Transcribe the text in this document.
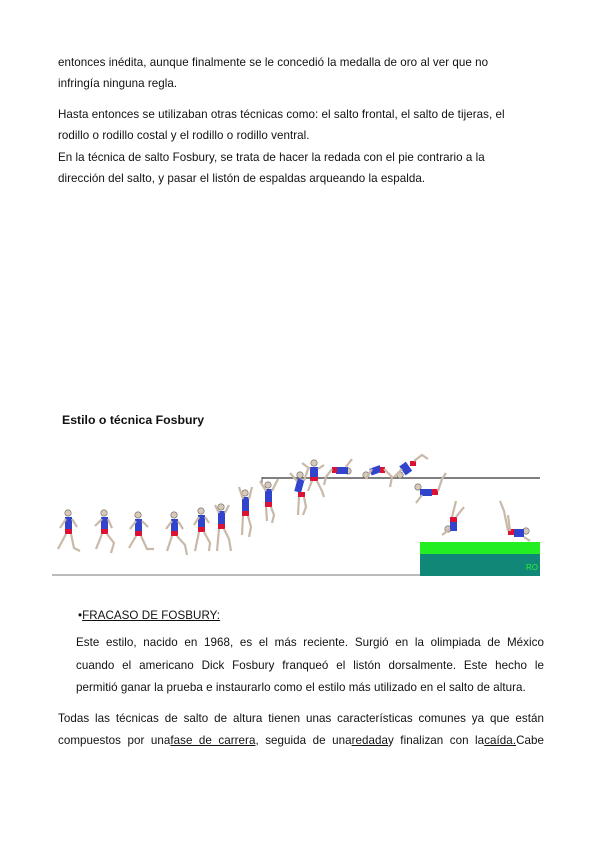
entonces inédita, aunque finalmente se le concedió la medalla de oro al ver que no
infringía ninguna regla.
Hasta entonces se utilizaban otras técnicas como: el salto frontal, el salto de tijeras, el
rodillo o rodillo costal y el rodillo o rodillo ventral.
En la técnica de salto Fosbury, se trata de hacer la redada con el pie contrario a la
dirección del salto, y pasar el listón de espaldas arqueando la espalda.
Estilo o técnica Fosbury
RO
•FRACASO DE FOSBURY:
Este estilo, nacido en 1968, es el más reciente. Surgió en la olimpiada de México
cuando el americano Dick Fosbury franqueó el listón dorsalmente. Este hecho le
permitió ganar la prueba e instaurarlo como el estilo más utilizado en el salto de altura.
Todas las técnicas de salto de altura tienen unas características comunes ya que están
compuestos por unafase de carrera, seguida de unaredaday finalizan con lacaída.Cabe
